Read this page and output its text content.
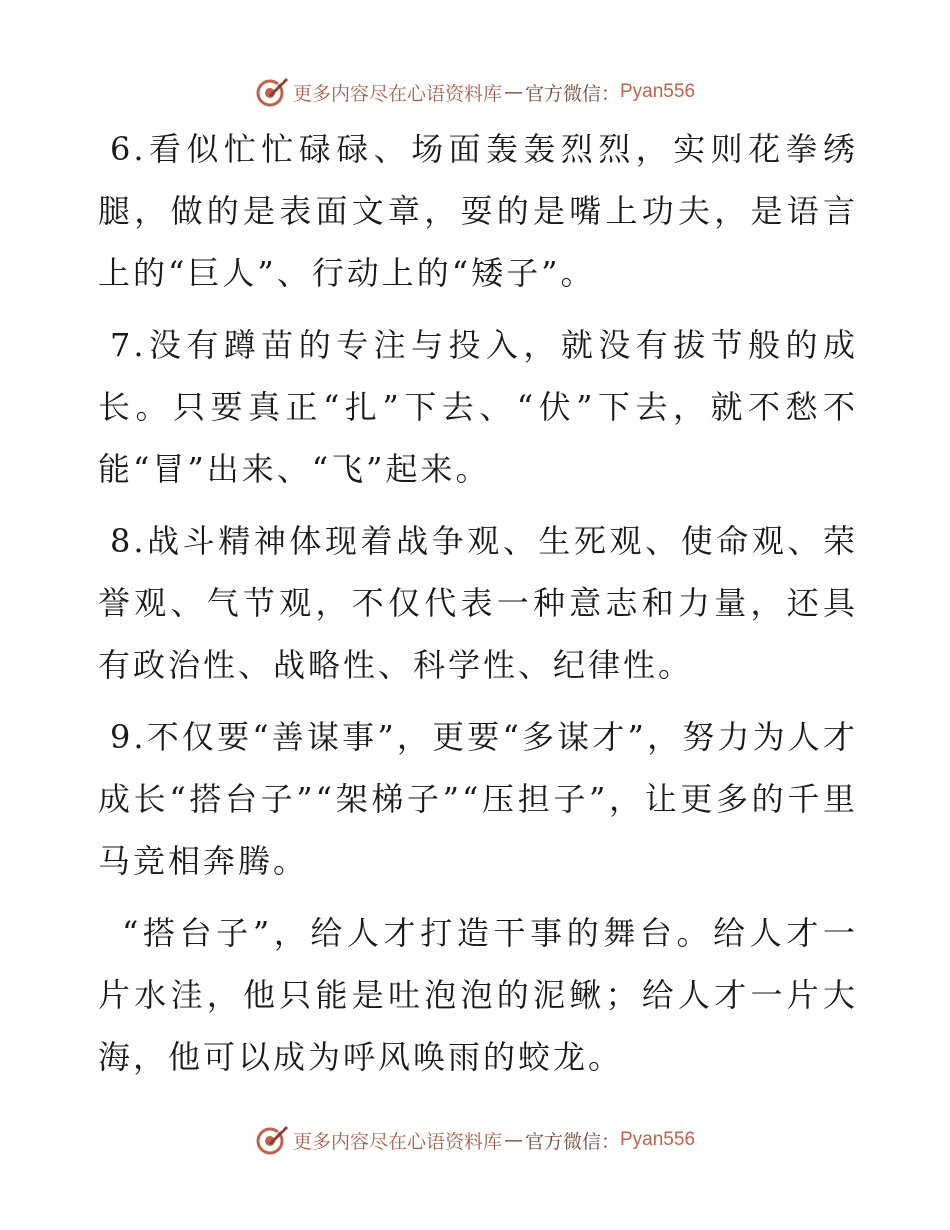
更多内容尽在心语资料库 — 官方微信： Pyan556

6.看似忙忙碌碌、场面轰轰烈烈，实则花拳绣腿，做的是表面文章，耍的是嘴上功夫，是语言上的“巨人”、行动上的“矮子”。

7.没有蹲苗的专注与投入，就没有拔节般的成长。只要真正“扎”下去、“伏”下去，就不愁不能“冒”出来、“飞”起来。

8.战斗精神体现着战争观、生死观、使命观、荣誉观、气节观，不仅代表一种意志和力量，还具有政治性、战略性、科学性、纪律性。

9.不仅要“善谋事”，更要“多谋才”，努力为人才成长“搭台子”“架梯子”“压担子”，让更多的千里马竞相奔腾。

“搭台子”，给人才打造干事的舞台。给人才一片水洼，他只能是吐泡泡的泥鳅；给人才一片大海，他可以成为呼风唤雨的蛟龙。

更多内容尽在心语资料库 — 官方微信： Pyan556
